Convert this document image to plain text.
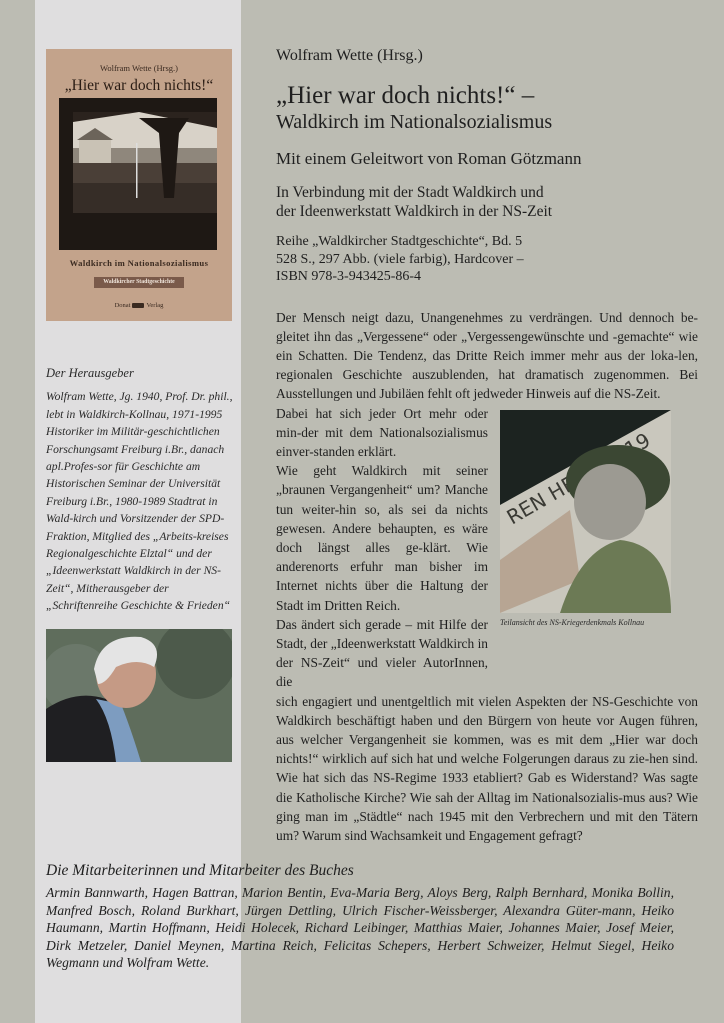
Wolfram Wette (Hrsg.)
„Hier war doch nichts!“
Waldkirch im Nationalsozialismus
Waldkircher Stadtgeschichte
Donat Verlag
Der Herausgeber
Wolfram Wette, Jg. 1940, Prof. Dr. phil., lebt in Waldkirch-Kollnau, 1971-1995 Historiker im Militär-geschichtlichen Forschungsamt Freiburg i.Br., danach apl.Profes-sor für Geschichte am Historischen Seminar der Universität Freiburg i.Br., 1980-1989 Stadtrat in Wald-kirch und Vorsitzender der SPD-Fraktion, Mitglied des „Arbeits-kreises Regionalgeschichte Elztal“ und der „Ideenwerkstatt Waldkirch in der NS-Zeit“, Mitherausgeber der „Schriftenreihe Geschichte & Frieden“
Wolfram Wette (Hrsg.)
„Hier war doch nichts!“ –
Waldkirch im Nationalsozialismus
Mit einem Geleitwort von Roman Götzmann
In Verbindung mit der Stadt Waldkirch und
der Ideenwerkstatt Waldkirch in der NS-Zeit
Reihe „Waldkircher Stadtgeschichte“, Bd. 5
528 S., 297 Abb. (viele farbig), Hardcover –
ISBN 978-3-943425-86-4

Der Mensch neigt dazu, Unangenehmes zu verdrängen. Und dennoch be-gleitet ihn das „Vergessene“ oder „Vergessengewünschte und -gemachte“ wie ein Schatten. Die Tendenz, das Dritte Reich immer mehr aus der loka-len, regionalen Geschichte auszublenden, hat dramatisch zugenommen. Bei Ausstellungen und Jubiläen fehlt oft jedweder Hinweis auf die NS-Zeit.

Dabei hat sich jeder Ort mehr oder min-der mit dem Nationalsozialismus einver-standen erklärt.

Wie geht Waldkirch mit seiner „braunen Vergangenheit“ um? Manche tun weiter-hin so, als sei da nichts gewesen. Andere behaupten, es wäre doch längst alles ge-klärt. Wie anderenorts erfuhr man bisher im Internet nichts über die Haltung der Stadt im Dritten Reich.

Das ändert sich gerade – mit Hilfe der Stadt, der „Ideenwerkstatt Waldkirch in der NS-Zeit“ und vieler AutorInnen, die

REN 19
Teilansicht des NS-Kriegerdenkmals Kollnau

sich engagiert und unentgeltlich mit vielen Aspekten der NS-Geschichte von Waldkirch beschäftigt haben und den Bürgern von heute vor Augen führen, aus welcher Vergangenheit sie kommen, was es mit dem „Hier war doch nichts!“ wirklich auf sich hat und welche Folgerungen daraus zu zie-hen sind. Wie hat sich das NS-Regime 1933 etabliert? Gab es Widerstand? Was sagte die Katholische Kirche? Wie sah der Alltag im Nationalsozialis-mus aus? Wie ging man im „Städtle“ nach 1945 mit den Verbrechern und mit den Tätern um? Warum sind Wachsamkeit und Engagement gefragt?

Die Mitarbeiterinnen und Mitarbeiter des Buches
Armin Bannwarth, Hagen Battran, Marion Bentin, Eva-Maria Berg, Aloys Berg, Ralph Bernhard, Monika Bollin, Manfred Bosch, Roland Burkhart, Jürgen Dettling, Ulrich Fischer-Weissberger, Alexandra Güter-mann, Heiko Haumann, Martin Hoffmann, Heidi Holecek, Richard Leibinger, Matthias Maier, Johannes Maier, Josef Meier, Dirk Metzeler, Daniel Meynen, Martina Reich, Felicitas Schepers, Herbert Schweizer, Helmut Siegel, Heiko Wegmann und Wolfram Wette.
